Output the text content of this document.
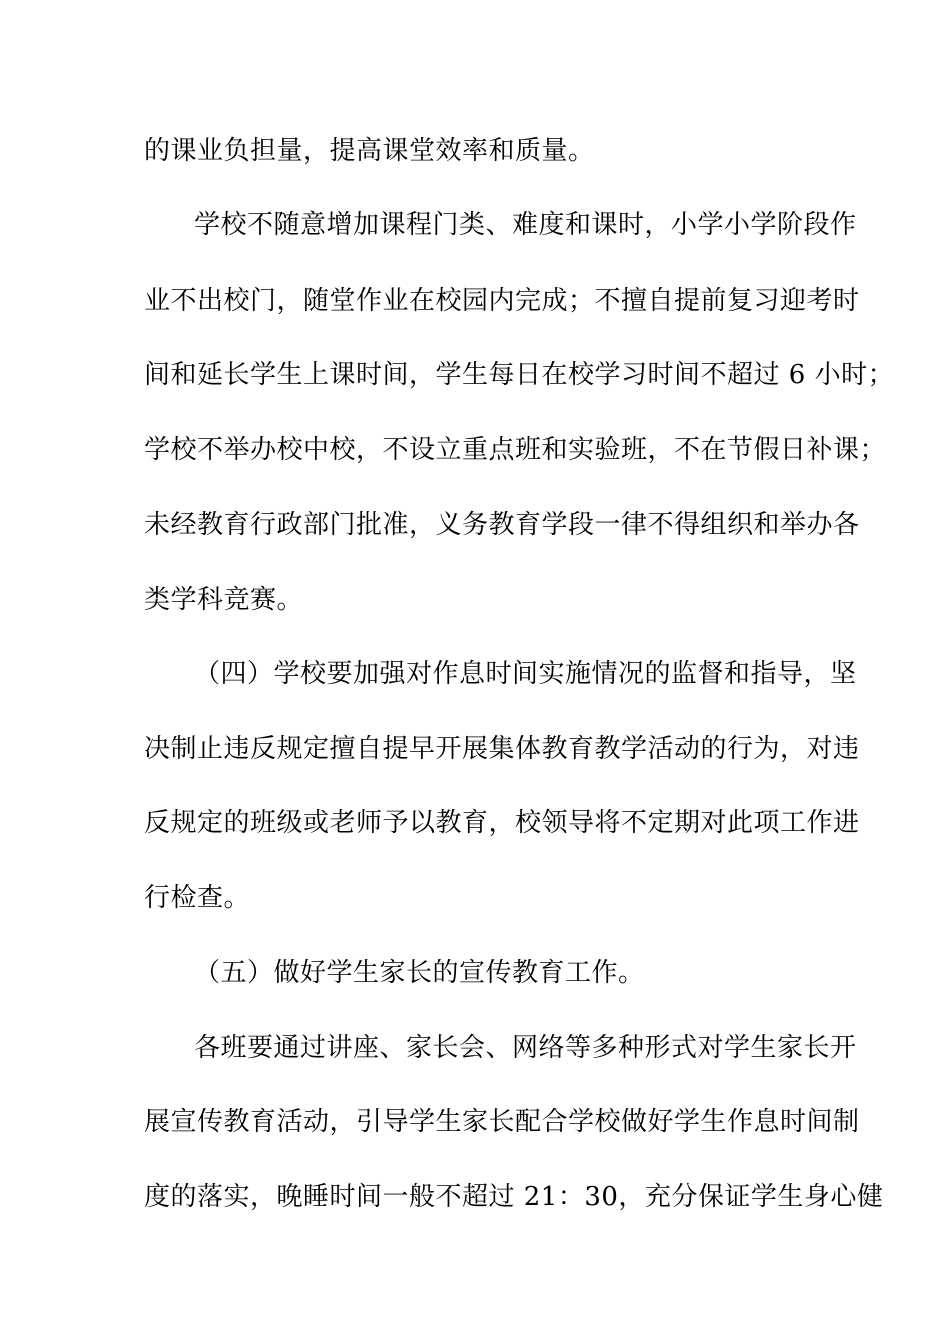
的课业负担量，提高课堂效率和质量。
学校不随意增加课程门类、难度和课时，小学小学阶段作
业不出校门，随堂作业在校园内完成；不擅自提前复习迎考时
间和延长学生上课时间，学生每日在校学习时间不超过 6 小时；
学校不举办校中校，不设立重点班和实验班，不在节假日补课；
未经教育行政部门批准，义务教育学段一律不得组织和举办各
类学科竞赛。
（四）学校要加强对作息时间实施情况的监督和指导，坚
决制止违反规定擅自提早开展集体教育教学活动的行为，对违
反规定的班级或老师予以教育，校领导将不定期对此项工作进
行检查。
（五）做好学生家长的宣传教育工作。
各班要通过讲座、家长会、网络等多种形式对学生家长开
展宣传教育活动，引导学生家长配合学校做好学生作息时间制
度的落实，晚睡时间一般不超过 21：30，充分保证学生身心健
